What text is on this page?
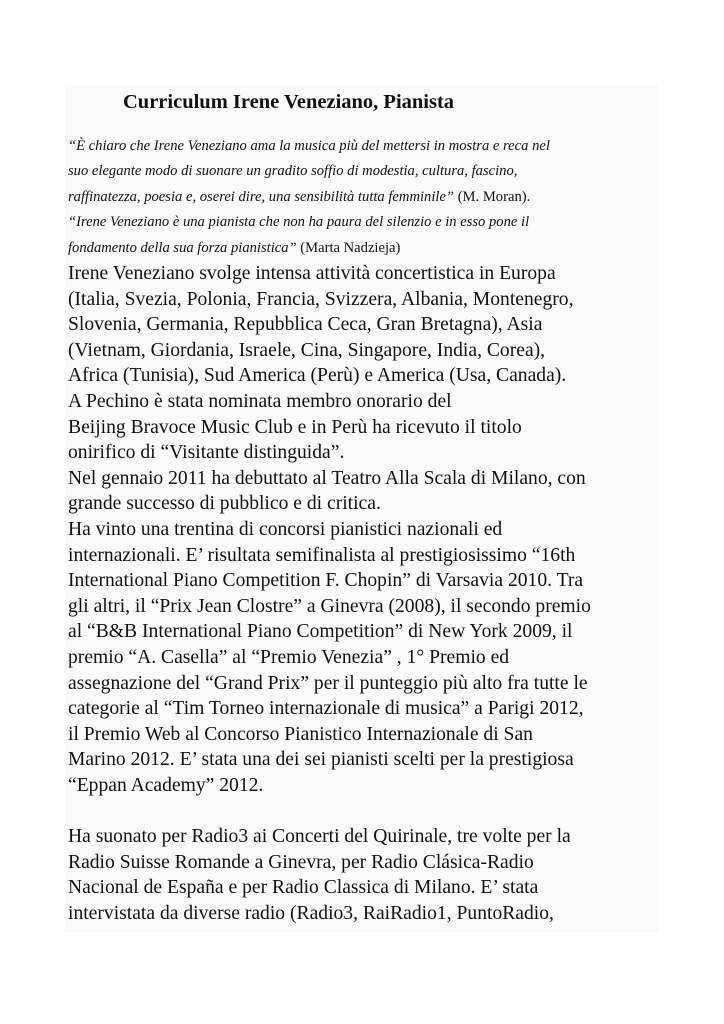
Curriculum Irene Veneziano, Pianista
“È chiaro che Irene Veneziano ama la musica più del mettersi in mostra e reca nel
suo elegante modo di suonare un gradito soffio di modestia, cultura, fascino,
raffinatezza, poesia e, oserei dire, una sensibilità tutta femminile” (M. Moran).
“Irene Veneziano è una pianista che non ha paura del silenzio e in esso pone il
fondamento della sua forza pianistica” (Marta Nadzieja)
Irene Veneziano svolge intensa attività concertistica in Europa
(Italia, Svezia, Polonia, Francia, Svizzera, Albania, Montenegro,
Slovenia, Germania, Repubblica Ceca, Gran Bretagna), Asia
(Vietnam, Giordania, Israele, Cina, Singapore, India, Corea),
Africa (Tunisia), Sud America (Perù) e America (Usa, Canada).
A Pechino è stata nominata membro onorario del
Beijing Bravoce Music Club e in Perù ha ricevuto il titolo
onirifico di “Visitante distinguida”.
Nel gennaio 2011 ha debuttato al Teatro Alla Scala di Milano, con
grande successo di pubblico e di critica.
Ha vinto una trentina di concorsi pianistici nazionali ed
internazionali. E’ risultata semifinalista al prestigiosissimo “16th
International Piano Competition F. Chopin” di Varsavia 2010. Tra
gli altri, il “Prix Jean Clostre” a Ginevra (2008), il secondo premio
al “B&B International Piano Competition” di New York 2009, il
premio “A. Casella” al “Premio Venezia” , 1° Premio ed
assegnazione del “Grand Prix” per il punteggio più alto fra tutte le
categorie al “Tim Torneo internazionale di musica” a Parigi 2012,
il Premio Web al Concorso Pianistico Internazionale di San
Marino 2012. E’ stata una dei sei pianisti scelti per la prestigiosa
“Eppan Academy” 2012.
Ha suonato per Radio3 ai Concerti del Quirinale, tre volte per la
Radio Suisse Romande a Ginevra, per Radio Clásica-Radio
Nacional de España e per Radio Classica di Milano. E’ stata
intervistata da diverse radio (Radio3, RaiRadio1, PuntoRadio,
